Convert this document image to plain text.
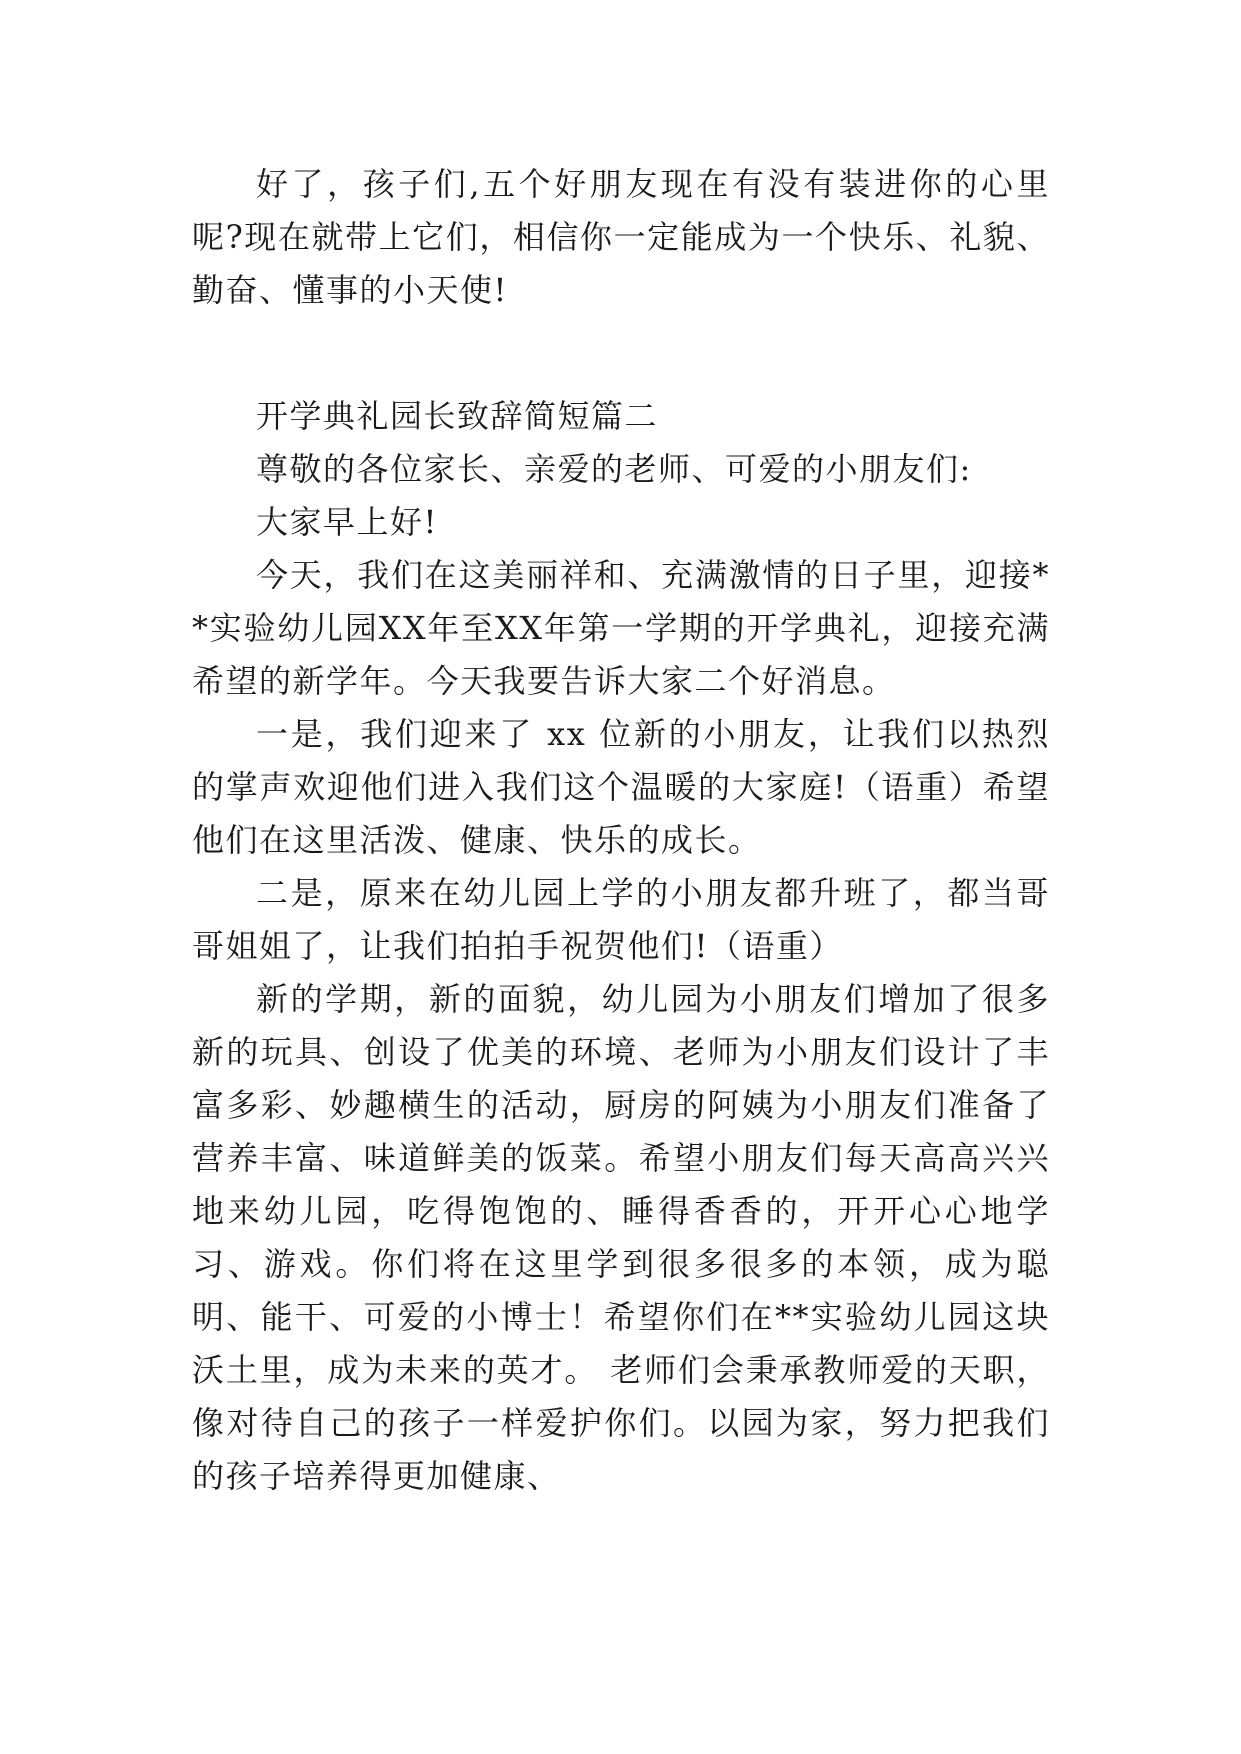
好了，孩子们,五个好朋友现在有没有装进你的心里呢?现在就带上它们，相信你一定能成为一个快乐、礼貌、勤奋、懂事的小天使!

开学典礼园长致辞简短篇二

尊敬的各位家长、亲爱的老师、可爱的小朋友们:

大家早上好!

今天，我们在这美丽祥和、充满激情的日子里，迎接**实验幼儿园XX年至XX年第一学期的开学典礼，迎接充满希望的新学年。今天我要告诉大家二个好消息。

一是，我们迎来了 xx 位新的小朋友，让我们以热烈的掌声欢迎他们进入我们这个温暖的大家庭!（语重）希望他们在这里活泼、健康、快乐的成长。

二是，原来在幼儿园上学的小朋友都升班了，都当哥哥姐姐了，让我们拍拍手祝贺他们!（语重）

新的学期，新的面貌，幼儿园为小朋友们增加了很多新的玩具、创设了优美的环境、老师为小朋友们设计了丰富多彩、妙趣横生的活动，厨房的阿姨为小朋友们准备了营养丰富、味道鲜美的饭菜。希望小朋友们每天高高兴兴地来幼儿园，吃得饱饱的、睡得香香的，开开心心地学习、游戏。你们将在这里学到很多很多的本领，成为聪明、能干、可爱的小博士！希望你们在**实验幼儿园这块沃土里，成为未来的英才。 老师们会秉承教师爱的天职，像对待自己的孩子一样爱护你们。以园为家，努力把我们的孩子培养得更加健康、
